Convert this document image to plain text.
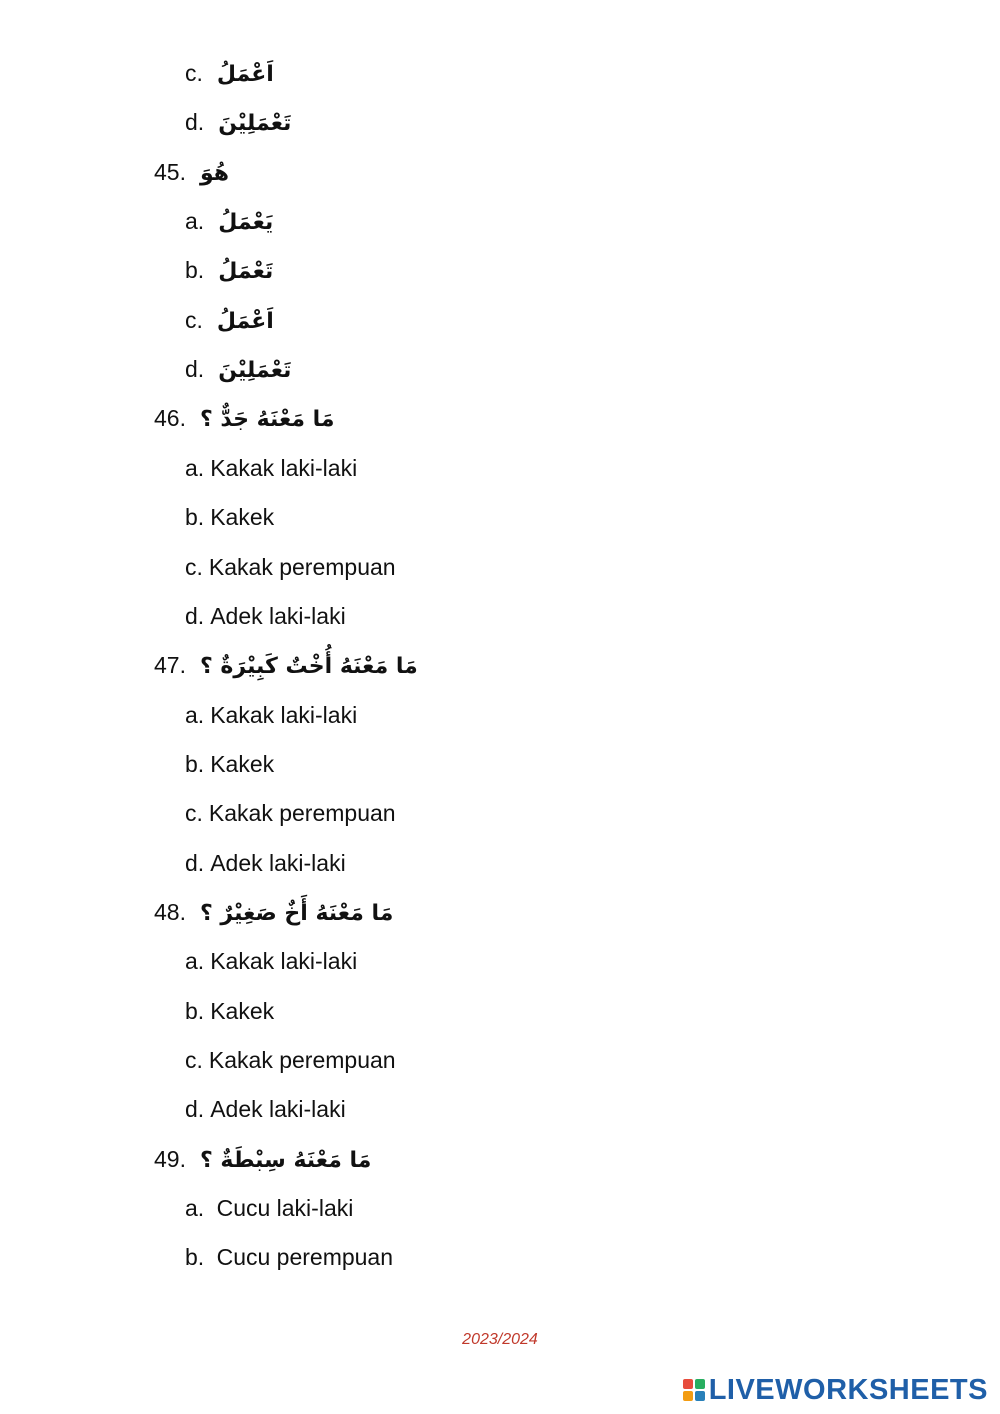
c. اَعْمَلُ
d. تَعْمَلِيْنَ
45. هُوَ
a. يَعْمَلُ
b. تَعْمَلُ
c. اَعْمَلُ
d. تَعْمَلِيْنَ
46. مَا مَعْنَهُ جَدٌّ ؟
a. Kakak laki-laki
b. Kakek
c. Kakak perempuan
d. Adek laki-laki
47. مَا مَعْنَهُ أُخْتٌ كَبِيْرَةٌ ؟
a. Kakak laki-laki
b. Kakek
c. Kakak perempuan
d. Adek laki-laki
48. مَا مَعْنَهُ أَخٌ صَغِيْرٌ ؟
a. Kakak laki-laki
b. Kakek
c. Kakak perempuan
d. Adek laki-laki
49. مَا مَعْنَهُ سِبْطَةٌ ؟
a. Cucu laki-laki
b. Cucu perempuan
2023/2024
LIVEWORKSHEETS
